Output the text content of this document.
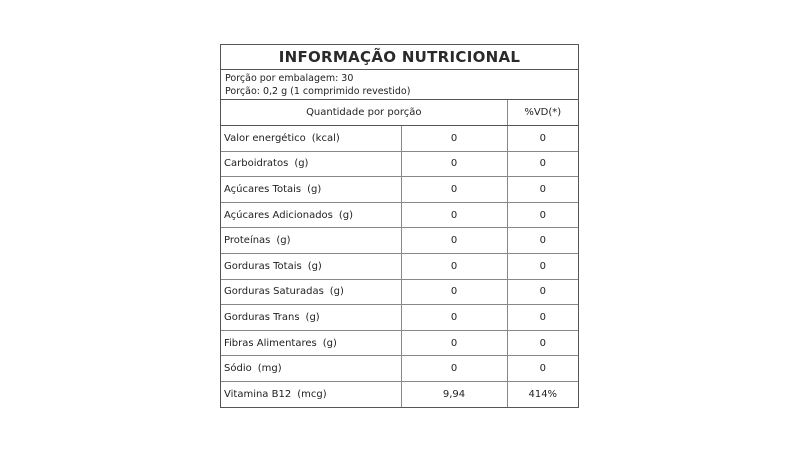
INFORMAÇÃO NUTRICIONAL
Porção por embalagem: 30
Porção: 0,2 g (1 comprimido revestido)
Quantidade por porção		%VD(*)
Valor energético (kcal)	0	0
Carboidratos (g)	0	0
Açúcares Totais (g)	0	0
Açúcares Adicionados (g)	0	0
Proteínas (g)	0	0
Gorduras Totais (g)	0	0
Gorduras Saturadas (g)	0	0
Gorduras Trans (g)	0	0
Fibras Alimentares (g)	0	0
Sódio (mg)	0	0
Vitamina B12 (mcg)	9,94	414%
